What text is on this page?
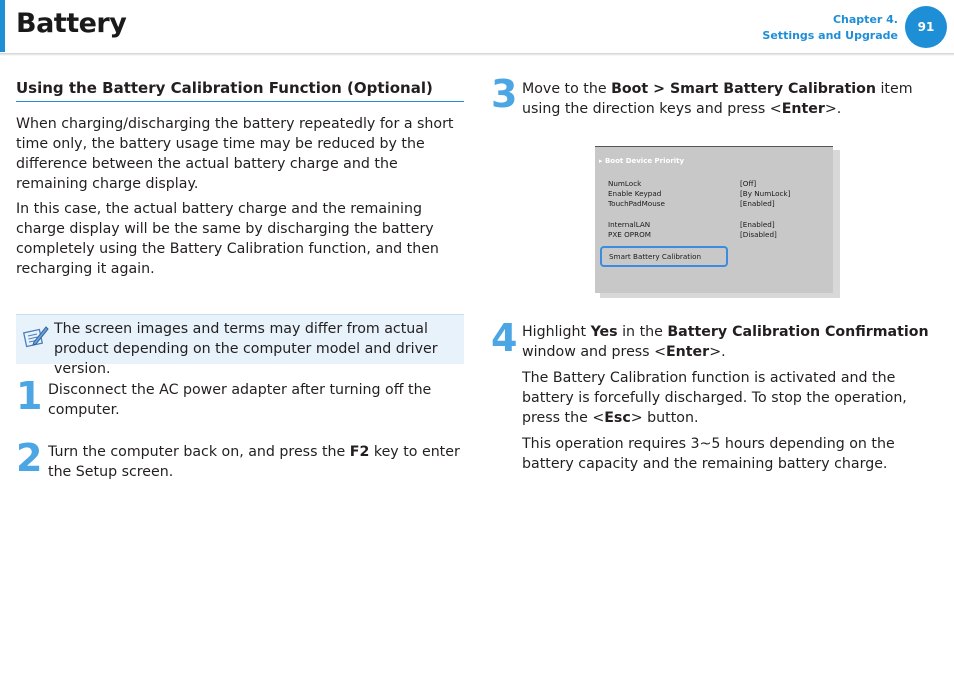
Battery	Chapter 4.
Settings and Upgrade
91
Using the Battery Calibration Function (Optional)
When charging/discharging the battery repeatedly for a short time only, the battery usage time may be reduced by the difference between the actual battery charge and the remaining charge display.
In this case, the actual battery charge and the remaining charge display will be the same by discharging the battery completely using the Battery Calibration function, and then recharging it again.
The screen images and terms may differ from actual product depending on the computer model and driver version.
1 Disconnect the AC power adapter after turning off the computer.
2 Turn the computer back on, and press the F2 key to enter the Setup screen.
3 Move to the Boot > Smart Battery Calibration item using the direction keys and press <Enter>.
▸ Boot Device Priority
NumLock	[Off]
Enable Keypad	[By NumLock]
TouchPadMouse	[Enabled]
InternalLAN	[Enabled]
PXE OPROM	[Disabled]
Smart Battery Calibration
4 Highlight Yes in the Battery Calibration Confirmation window and press <Enter>.
The Battery Calibration function is activated and the battery is forcefully discharged. To stop the operation, press the <Esc> button.
This operation requires 3~5 hours depending on the battery capacity and the remaining battery charge.
